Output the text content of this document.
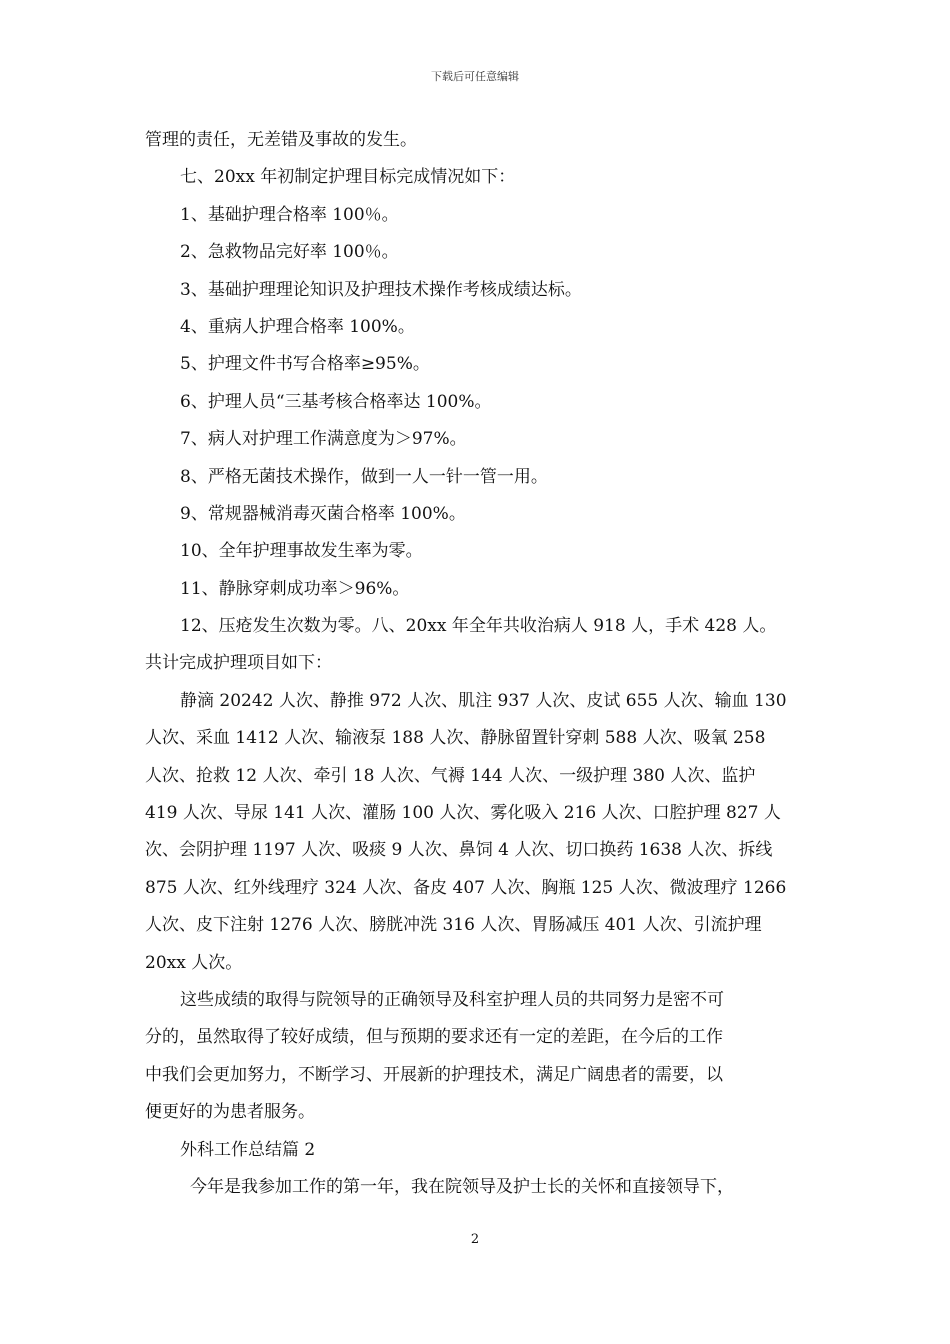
下载后可任意编辑
管理的责任，无差错及事故的发生。
七、20xx 年初制定护理目标完成情况如下：
1、基础护理合格率 100％。
2、急救物品完好率 100％。
3、基础护理理论知识及护理技术操作考核成绩达标。
4、重病人护理合格率 100%。
5、护理文件书写合格率≥95%。
6、护理人员“三基考核合格率达 100%。
7、病人对护理工作满意度为＞97%。
8、严格无菌技术操作，做到一人一针一管一用。
9、常规器械消毒灭菌合格率 100%。
10、全年护理事故发生率为零。
11、静脉穿刺成功率＞96%。
12、压疮发生次数为零。八、20xx 年全年共收治病人 918 人，手术 428 人。
共计完成护理项目如下：
静滴 20242 人次、静推 972 人次、肌注 937 人次、皮试 655 人次、输血 130
人次、采血 1412 人次、输液泵 188 人次、静脉留置针穿刺 588 人次、吸氧 258
人次、抢救 12 人次、牵引 18 人次、气褥 144 人次、一级护理 380 人次、监护
419 人次、导尿 141 人次、灌肠 100 人次、雾化吸入 216 人次、口腔护理 827 人
次、会阴护理 1197 人次、吸痰 9 人次、鼻饲 4 人次、切口换药 1638 人次、拆线
875 人次、红外线理疗 324 人次、备皮 407 人次、胸瓶 125 人次、微波理疗 1266
人次、皮下注射 1276 人次、膀胱冲洗 316 人次、胃肠减压 401 人次、引流护理
20xx 人次。
这些成绩的取得与院领导的正确领导及科室护理人员的共同努力是密不可
分的，虽然取得了较好成绩，但与预期的要求还有一定的差距，在今后的工作
中我们会更加努力，不断学习、开展新的护理技术，满足广阔患者的需要，以
便更好的为患者服务。
外科工作总结篇 2
今年是我参加工作的第一年，我在院领导及护士长的关怀和直接领导下，
2
